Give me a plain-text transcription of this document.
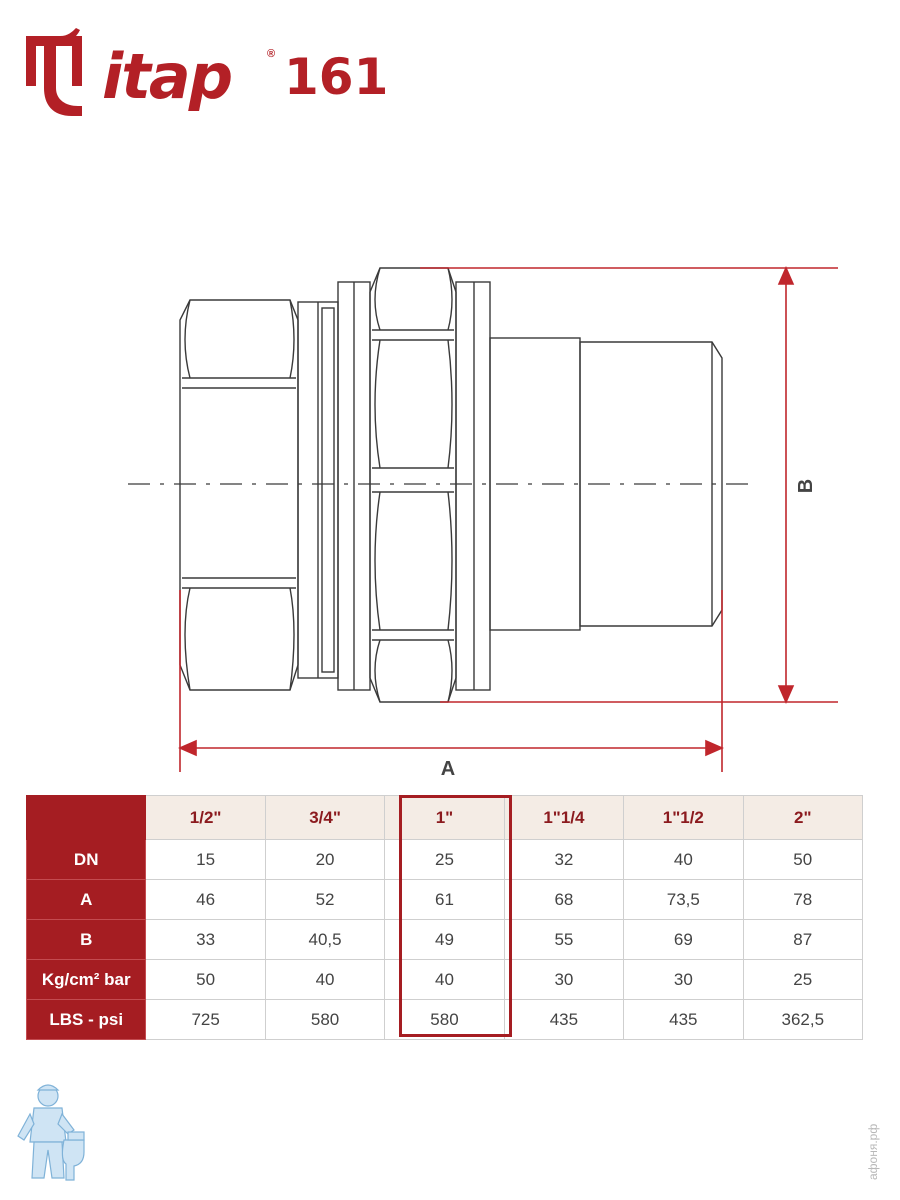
itap	® 161
A
B
	1/2"	3/4"	1"	1"1/4	1"1/2	2"
DN	15	20	25	32	40	50
A	46	52	61	68	73,5	78
B	33	40,5	49	55	69	87
Kg/cm² bar	50	40	40	30	30	25
LBS - psi	725	580	580	435	435	362,5
афоня.рф
